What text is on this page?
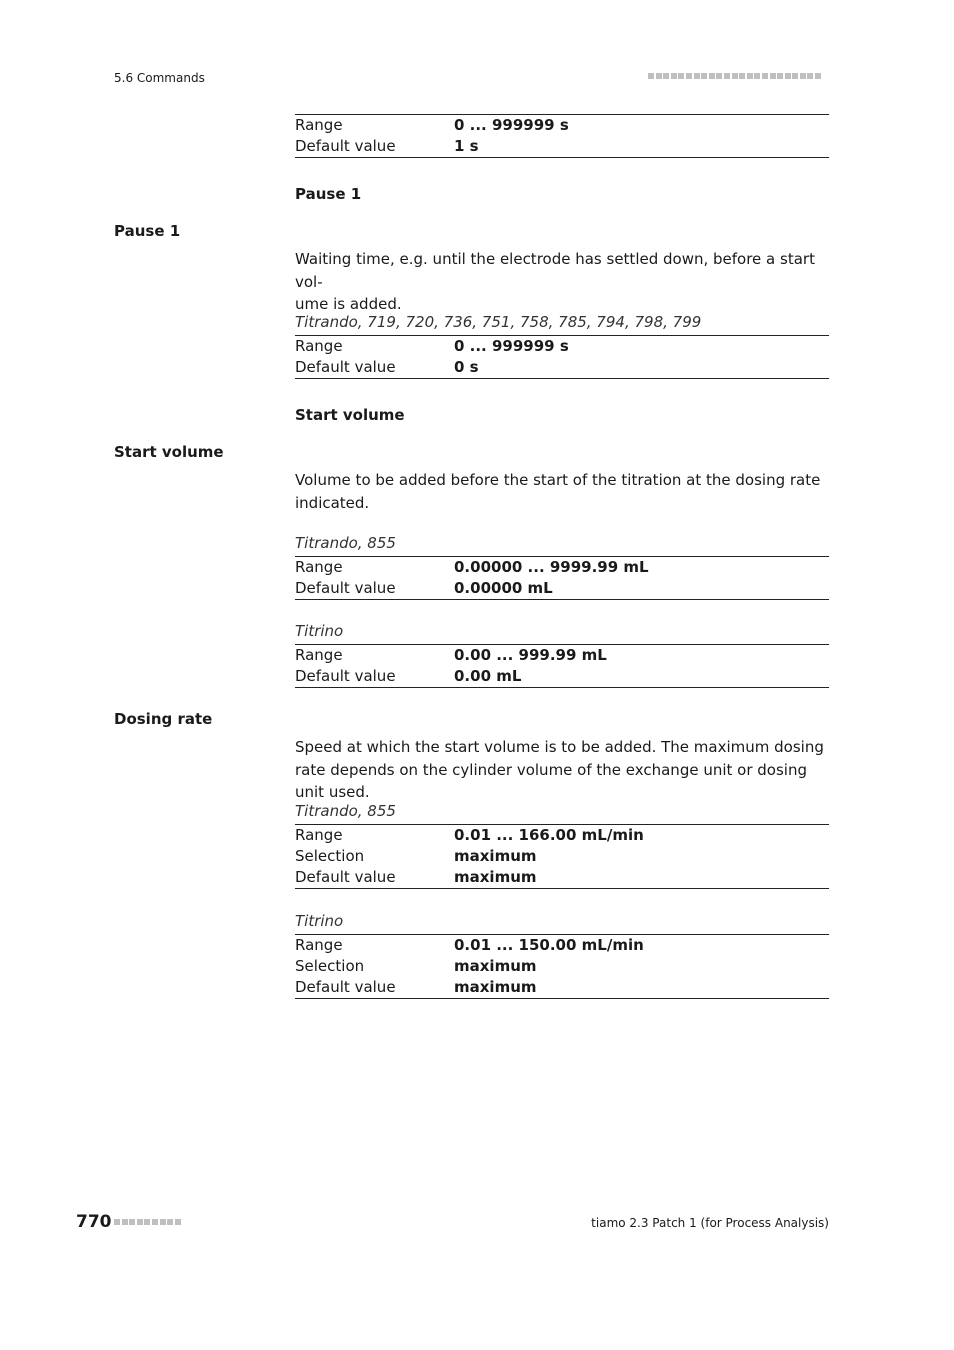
5.6 Commands
Range	0 ... 999999 s
Default value	1 s
Pause 1
Pause 1
Waiting time, e.g. until the electrode has settled down, before a start vol-
ume is added.
Titrando, 719, 720, 736, 751, 758, 785, 794, 798, 799
Range	0 ... 999999 s
Default value	0 s
Start volume
Start volume
Volume to be added before the start of the titration at the dosing rate indicated.
Titrando, 855
Range	0.00000 ... 9999.99 mL
Default value	0.00000 mL
Titrino
Range	0.00 ... 999.99 mL
Default value	0.00 mL
Dosing rate
Speed at which the start volume is to be added. The maximum dosing rate depends on the cylinder volume of the exchange unit or dosing unit used.
Titrando, 855
Range	0.01 ... 166.00 mL/min
Selection	maximum
Default value	maximum
Titrino
Range	0.01 ... 150.00 mL/min
Selection	maximum
Default value	maximum
770	tiamo 2.3 Patch 1 (for Process Analysis)
